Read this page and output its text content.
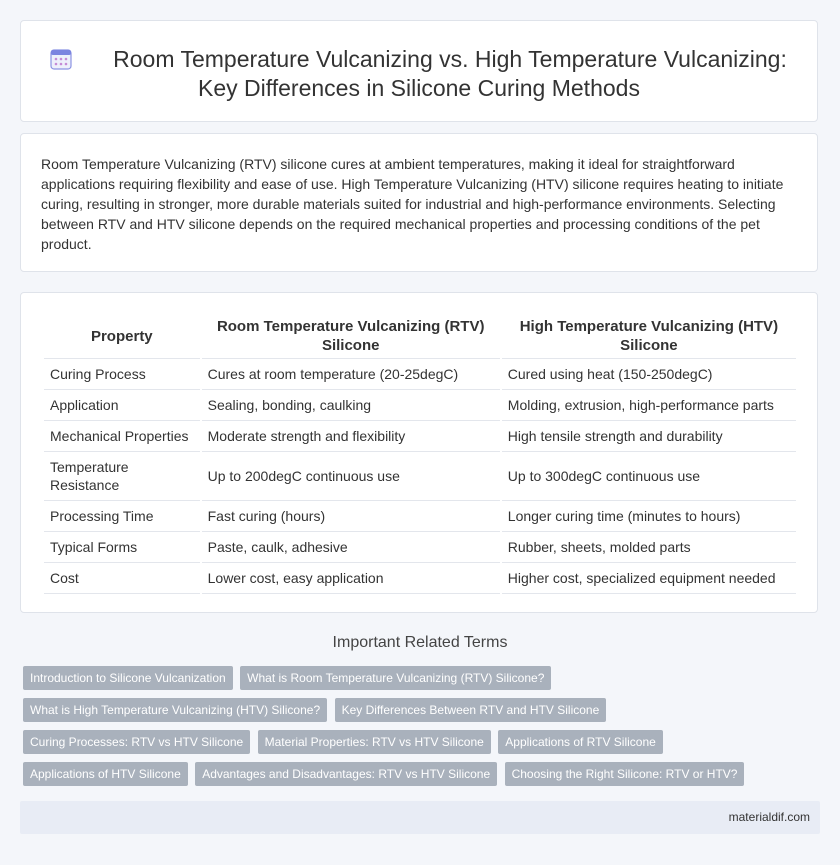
Room Temperature Vulcanizing vs. High Temperature Vulcanizing:
Key Differences in Silicone Curing Methods
Room Temperature Vulcanizing (RTV) silicone cures at ambient temperatures, making it ideal for straightforward applications requiring flexibility and ease of use. High Temperature Vulcanizing (HTV) silicone requires heating to initiate curing, resulting in stronger, more durable materials suited for industrial and high-performance environments. Selecting between RTV and HTV silicone depends on the required mechanical properties and processing conditions of the pet product.
Property	Room Temperature Vulcanizing (RTV) Silicone	High Temperature Vulcanizing (HTV) Silicone
Curing Process	Cures at room temperature (20-25degC)	Cured using heat (150-250degC)
Application	Sealing, bonding, caulking	Molding, extrusion, high-performance parts
Mechanical Properties	Moderate strength and flexibility	High tensile strength and durability
Temperature Resistance	Up to 200degC continuous use	Up to 300degC continuous use
Processing Time	Fast curing (hours)	Longer curing time (minutes to hours)
Typical Forms	Paste, caulk, adhesive	Rubber, sheets, molded parts
Cost	Lower cost, easy application	Higher cost, specialized equipment needed
Important Related Terms
Introduction to Silicone Vulcanization What is Room Temperature Vulcanizing (RTV) Silicone?
What is High Temperature Vulcanizing (HTV) Silicone? Key Differences Between RTV and HTV Silicone
Curing Processes: RTV vs HTV Silicone Material Properties: RTV vs HTV Silicone Applications of RTV Silicone
Applications of HTV Silicone Advantages and Disadvantages: RTV vs HTV Silicone Choosing the Right Silicone: RTV or HTV?
materialdif.com
